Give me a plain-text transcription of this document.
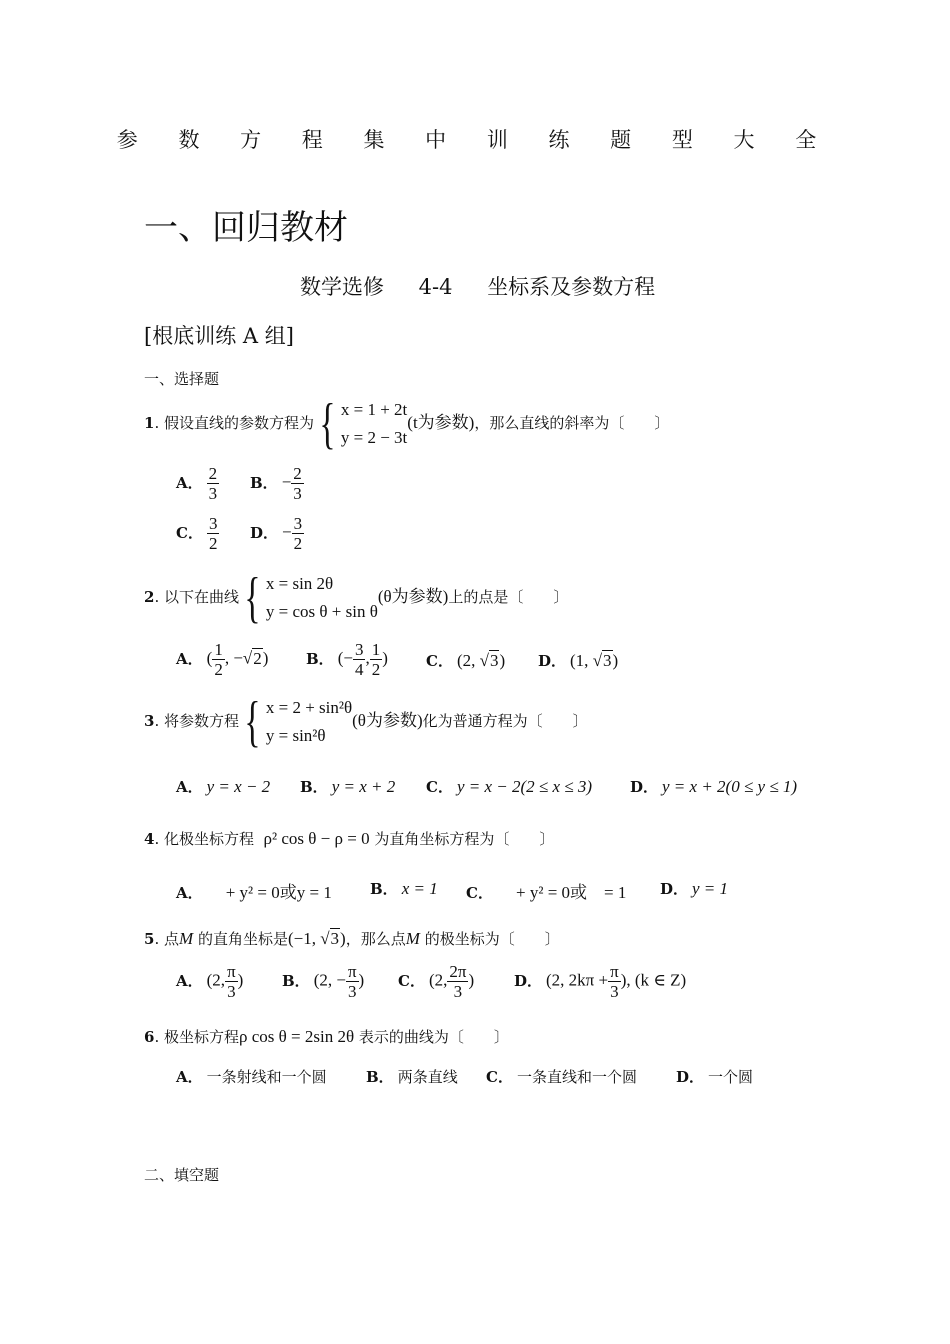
参 数 方 程 集 中 训 练 题 型 大 全
一、回归教材
数学选修 4-4 坐标系及参数方程
[根底训练 A 组]
一、选择题
1. 假设直线的参数方程为{ x = 1 + 2t
y = 2 − 3t
(t为参数)，那么直线的斜率为〔　　〕
A． $\frac{2}{3}$ B． − $\frac{2}{3}$
C． $\frac{3}{2}$ D． − $\frac{3}{2}$
2. 以下在曲线{ x = sin 2θ
y = cos θ + sin θ
(θ为参数)上的点是〔　　〕
A． ( $\frac{1}{2}$ , −√2)	B． (− $\frac{3}{4}$ , $\frac{1}{2}$ )	C． (2, √3) D． (1, √3)
3. 将参数方程{ x = 2 + sin²θ
y = sin²θ
(θ为参数)化为普通方程为〔　　〕
A． y = x − 2 B． y = x + 2 C． y = x − 2(2 ≤ x ≤ 3)	D． y = x + 2(0 ≤ y ≤ 1)
4. 化极坐标方程 ρ² cos θ − ρ = 0 为直角坐标方程为〔　　〕
A． + y² = 0或y = 1	B． x = 1 C． + y² = 0或　= 1 D． y = 1
5. 点M 的直角坐标是(−1, √3)，那么点M 的极坐标为〔　　〕
A． (2, $\frac{\pi}{3}$ )	B． (2, − $\frac{\pi}{3}$ ) C． (2, $\frac{2\pi}{3}$ )	D． (2, $2k\pi + \frac{\pi}{3}$ ), (k ∈ Z)
6. 极坐标方程ρ cos θ = 2sin 2θ 表示的曲线为〔　　〕
A． 一条射线和一个圆	B． 两条直线 C． 一条直线和一个圆	D． 一个圆
二、填空题
